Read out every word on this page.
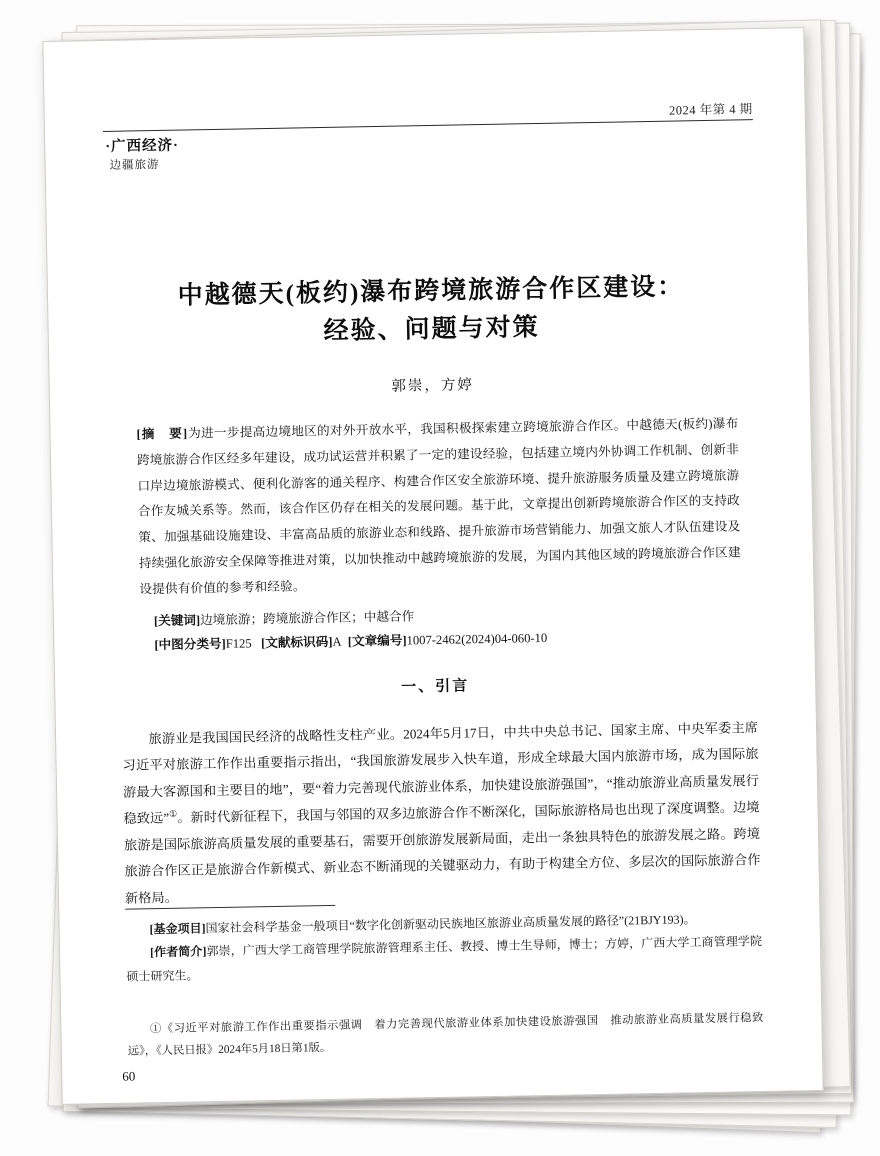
2024 年第 4 期
·广西经济·
边疆旅游
中越德天(板约)瀑布跨境旅游合作区建设：
经验、问题与对策
郭崇，方婷
[摘　要]为进一步提高边境地区的对外开放水平，我国积极探索建立跨境旅游合作区。中越德天(板约)瀑布跨境旅游合作区经多年建设，成功试运营并积累了一定的建设经验，包括建立境内外协调工作机制、创新非口岸边境旅游模式、便利化游客的通关程序、构建合作区安全旅游环境、提升旅游服务质量及建立跨境旅游合作友城关系等。然而，该合作区仍存在相关的发展问题。基于此，文章提出创新跨境旅游合作区的支持政策、加强基础设施建设、丰富高品质的旅游业态和线路、提升旅游市场营销能力、加强文旅人才队伍建设及持续强化旅游安全保障等推进对策，以加快推动中越跨境旅游的发展，为国内其他区域的跨境旅游合作区建设提供有价值的参考和经验。
[关键词]边境旅游；跨境旅游合作区；中越合作
[中图分类号]F125 [文献标识码]A [文章编号]1007-2462(2024)04-060-10
一、引言
旅游业是我国国民经济的战略性支柱产业。2024年5月17日，中共中央总书记、国家主席、中央军委主席习近平对旅游工作作出重要指示指出，“我国旅游发展步入快车道，形成全球最大国内旅游市场，成为国际旅游最大客源国和主要目的地”，要“着力完善现代旅游业体系，加快建设旅游强国”，“推动旅游业高质量发展行稳致远”①。新时代新征程下，我国与邻国的双多边旅游合作不断深化，国际旅游格局也出现了深度调整。边境旅游是国际旅游高质量发展的重要基石，需要开创旅游发展新局面，走出一条独具特色的旅游发展之路。跨境旅游合作区正是旅游合作新模式、新业态不断涌现的关键驱动力，有助于构建全方位、多层次的国际旅游合作新格局。
[基金项目]国家社会科学基金一般项目“数字化创新驱动民族地区旅游业高质量发展的路径”(21BJY193)。
[作者简介]郭崇，广西大学工商管理学院旅游管理系主任、教授、博士生导师，博士；方婷，广西大学工商管理学院硕士研究生。
①《习近平对旅游工作作出重要指示强调　着力完善现代旅游业体系加快建设旅游强国　推动旅游业高质量发展行稳致远》，《人民日报》2024年5月18日第1版。
60
